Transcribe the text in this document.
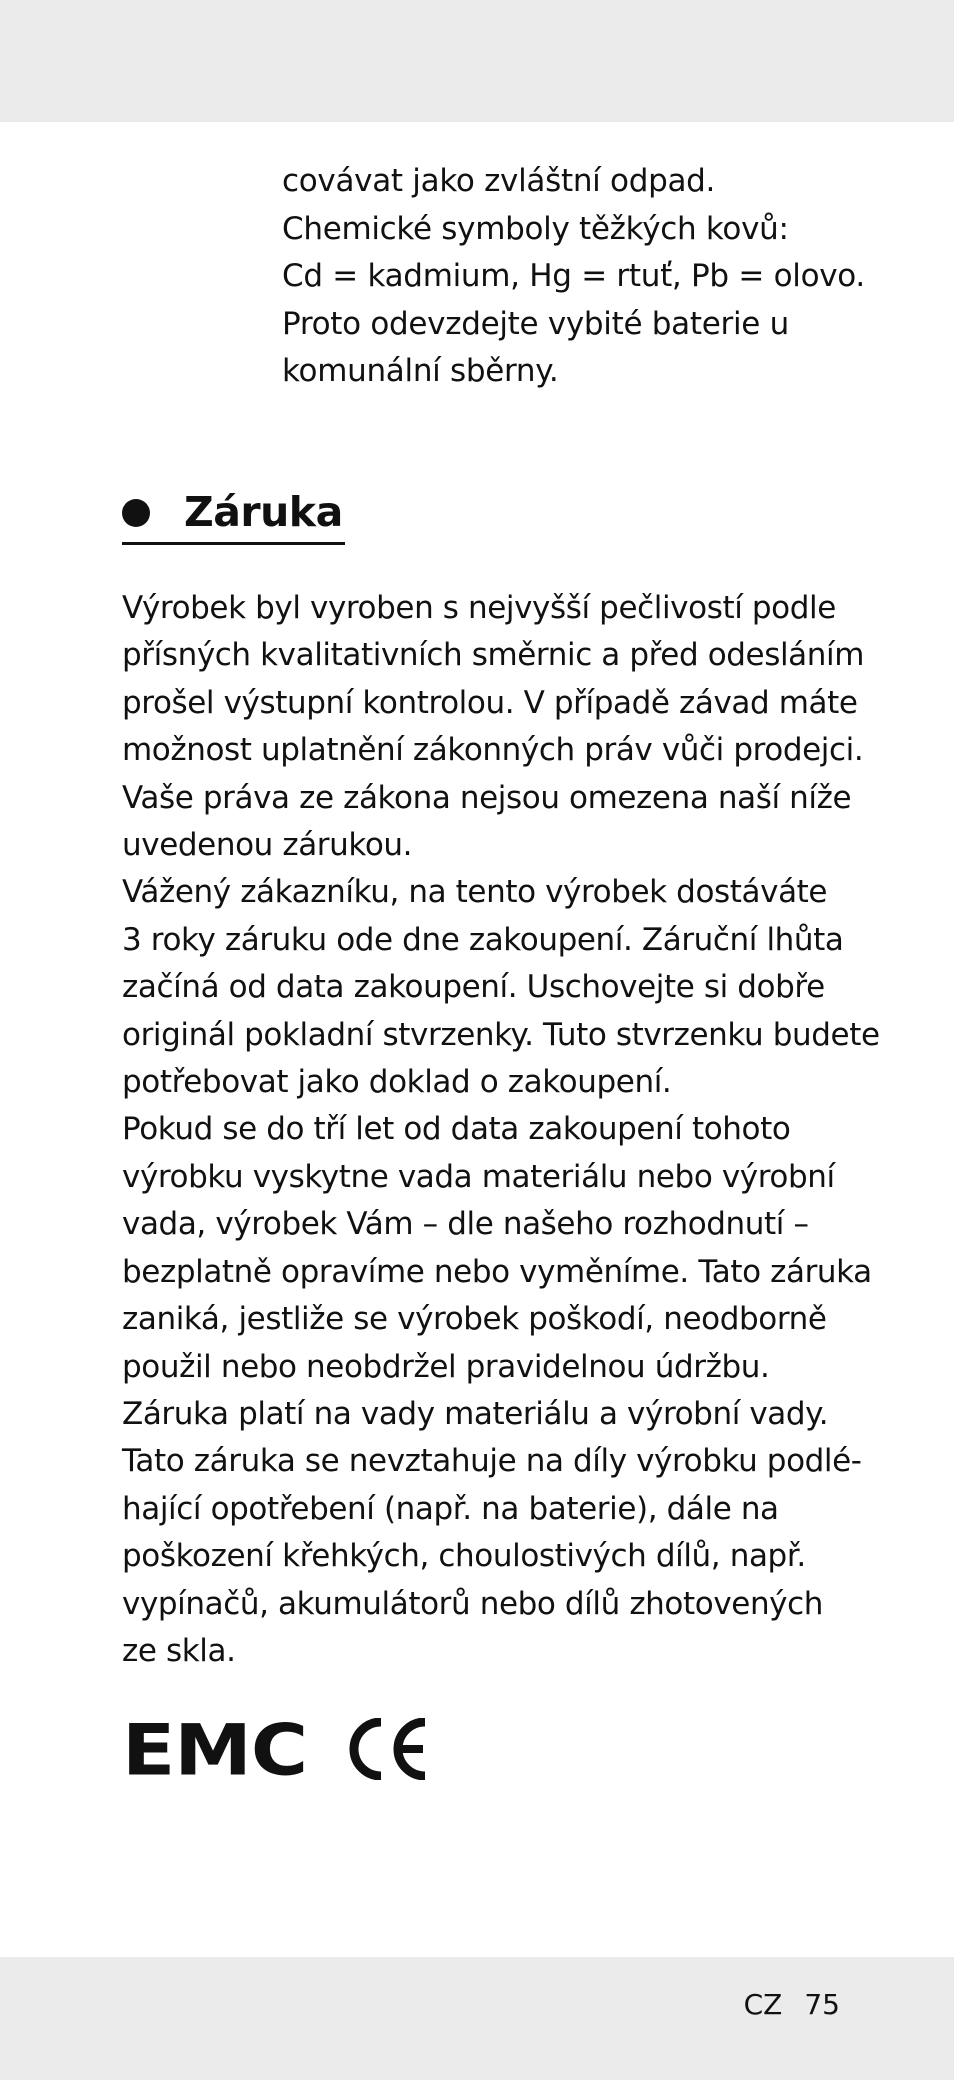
covávat jako zvláštní odpad.
Chemické symboly těžkých kovů:
Cd = kadmium, Hg = rtuť, Pb = olovo.
Proto odevzdejte vybité baterie u
komunální sběrny.
Záruka
Výrobek byl vyroben s nejvyšší pečlivostí podle
přísných kvalitativních směrnic a před odesláním
prošel výstupní kontrolou. V případě závad máte
možnost uplatnění zákonných práv vůči prodejci.
Vaše práva ze zákona nejsou omezena naší níže
uvedenou zárukou.
Vážený zákazníku, na tento výrobek dostáváte
3 roky záruku ode dne zakoupení. Záruční lhůta
začíná od data zakoupení. Uschovejte si dobře
originál pokladní stvrzenky. Tuto stvrzenku budete
potřebovat jako doklad o zakoupení.
Pokud se do tří let od data zakoupení tohoto
výrobku vyskytne vada materiálu nebo výrobní
vada, výrobek Vám – dle našeho rozhodnutí –
bezplatně opravíme nebo vyměníme. Tato záruka
zaniká, jestliže se výrobek poškodí, neodborně
použil nebo neobdržel pravidelnou údržbu.
Záruka platí na vady materiálu a výrobní vady.
Tato záruka se nevztahuje na díly výrobku podlé-
hající opotřebení (např. na baterie), dále na
poškození křehkých, choulostivých dílů, např.
vypínačů, akumulátorů nebo dílů zhotovených
ze skla.
EMC
CZ 75
